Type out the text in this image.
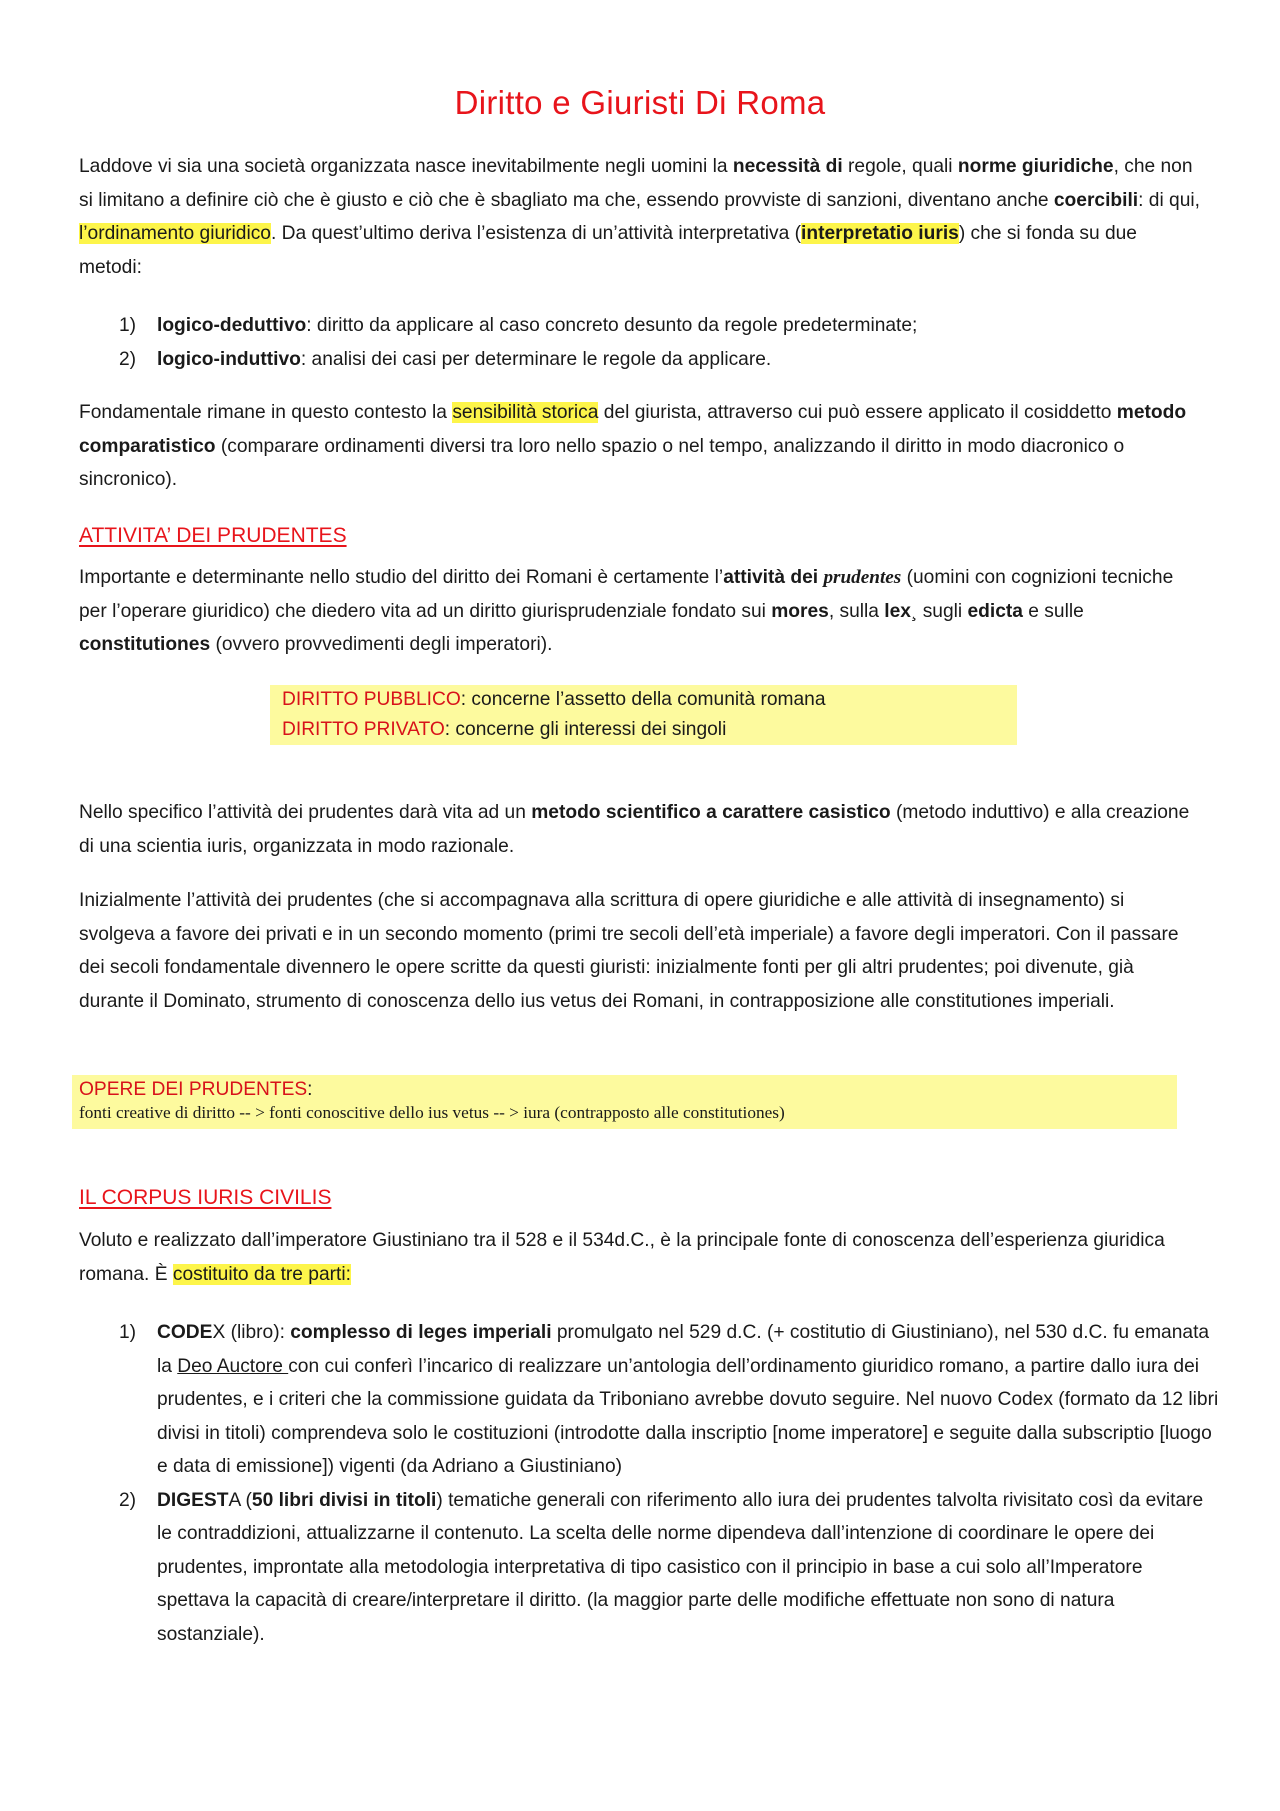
Diritto e Giuristi Di Roma

Laddove vi sia una società organizzata nasce inevitabilmente negli uomini la necessità di regole, quali norme giuridiche, che non si limitano a definire ciò che è giusto e ciò che è sbagliato ma che, essendo provviste di sanzioni, diventano anche coercibili: di qui, l’ordinamento giuridico. Da quest’ultimo deriva l’esistenza di un’attività interpretativa (interpretatio iuris) che si fonda su due metodi:

1) logico-deduttivo: diritto da applicare al caso concreto desunto da regole predeterminate;
2) logico-induttivo: analisi dei casi per determinare le regole da applicare.

Fondamentale rimane in questo contesto la sensibilità storica del giurista, attraverso cui può essere applicato il cosiddetto metodo comparatistico (comparare ordinamenti diversi tra loro nello spazio o nel tempo, analizzando il diritto in modo diacronico o sincronico).

ATTIVITA’ DEI PRUDENTES

Importante e determinante nello studio del diritto dei Romani è certamente l’attività dei prudentes (uomini con cognizioni tecniche per l’operare giuridico) che diedero vita ad un diritto giurisprudenziale fondato sui mores, sulla lex¸ sugli edicta e sulle constitutiones (ovvero provvedimenti degli imperatori).

DIRITTO PUBBLICO: concerne l’assetto della comunità romana
DIRITTO PRIVATO: concerne gli interessi dei singoli

Nello specifico l’attività dei prudentes darà vita ad un metodo scientifico a carattere casistico (metodo induttivo) e alla creazione di una scientia iuris, organizzata in modo razionale.

Inizialmente l’attività dei prudentes (che si accompagnava alla scrittura di opere giuridiche e alle attività di insegnamento) si svolgeva a favore dei privati e in un secondo momento (primi tre secoli dell’età imperiale) a favore degli imperatori. Con il passare dei secoli fondamentale divennero le opere scritte da questi giuristi: inizialmente fonti per gli altri prudentes; poi divenute, già durante il Dominato, strumento di conoscenza dello ius vetus dei Romani, in contrapposizione alle constitutiones imperiali.

OPERE DEI PRUDENTES:
fonti creative di diritto -- > fonti conoscitive dello ius vetus -- > iura (contrapposto alle constitutiones)
IL CORPUS IURIS CIVILIS

Voluto e realizzato dall’imperatore Giustiniano tra il 528 e il 534d.C., è la principale fonte di conoscenza dell’esperienza giuridica romana. È costituito da tre parti:

1) CODEX (libro): complesso di leges imperiali promulgato nel 529 d.C. (+ costitutio di Giustiniano), nel 530 d.C. fu emanata la Deo Auctore con cui conferì l’incarico di realizzare un’antologia dell’ordinamento giuridico romano, a partire dallo iura dei prudentes, e i criteri che la commissione guidata da Triboniano avrebbe dovuto seguire. Nel nuovo Codex (formato da 12 libri divisi in titoli) comprendeva solo le costituzioni (introdotte dalla inscriptio [nome imperatore] e seguite dalla subscriptio [luogo e data di emissione]) vigenti (da Adriano a Giustiniano)
2) DIGESTA (50 libri divisi in titoli) tematiche generali con riferimento allo iura dei prudentes talvolta rivisitato così da evitare le contraddizioni, attualizzarne il contenuto. La scelta delle norme dipendeva dall’intenzione di coordinare le opere dei prudentes, improntate alla metodologia interpretativa di tipo casistico con il principio in base a cui solo all’Imperatore spettava la capacità di creare/interpretare il diritto. (la maggior parte delle modifiche effettuate non sono di natura sostanziale).
